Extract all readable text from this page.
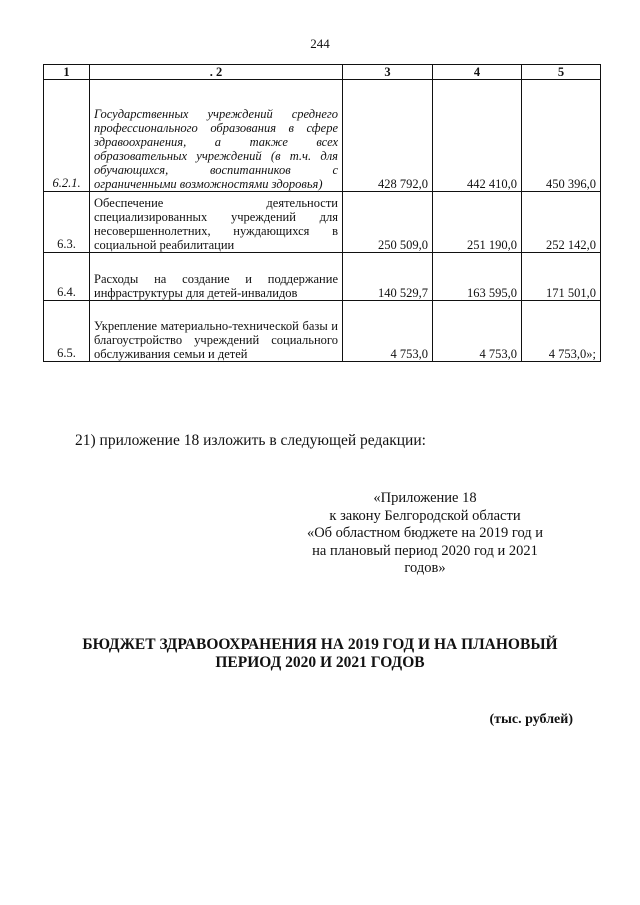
244
1	. 2	3	4	5
6.2.1.	Государственных учреждений среднего профессионального образования в сфере здравоохранения, а также всех образовательных учреждений (в т.ч. для обучающихся, воспитанников с ограниченными возможностями здоровья)	428 792,0	442 410,0	450 396,0
6.3.	Обеспечение деятельности специализированных учреждений для несовершеннолетних, нуждающихся в социальной реабилитации	250 509,0	251 190,0	252 142,0
6.4.	Расходы на создание и поддержание инфраструктуры для детей-инвалидов	140 529,7	163 595,0	171 501,0
6.5.	Укрепление материально-технической базы и благоустройство учреждений социального обслуживания семьи и детей	4 753,0	4 753,0	4 753,0»;
21) приложение 18 изложить в следующей редакции:
«Приложение 18
к закону Белгородской области
«Об областном бюджете на 2019 год и
на плановый период 2020 год и 2021
годов»
БЮДЖЕТ ЗДРАВООХРАНЕНИЯ НА 2019 ГОД И НА ПЛАНОВЫЙ
ПЕРИОД 2020 И 2021 ГОДОВ
(тыс. рублей)
